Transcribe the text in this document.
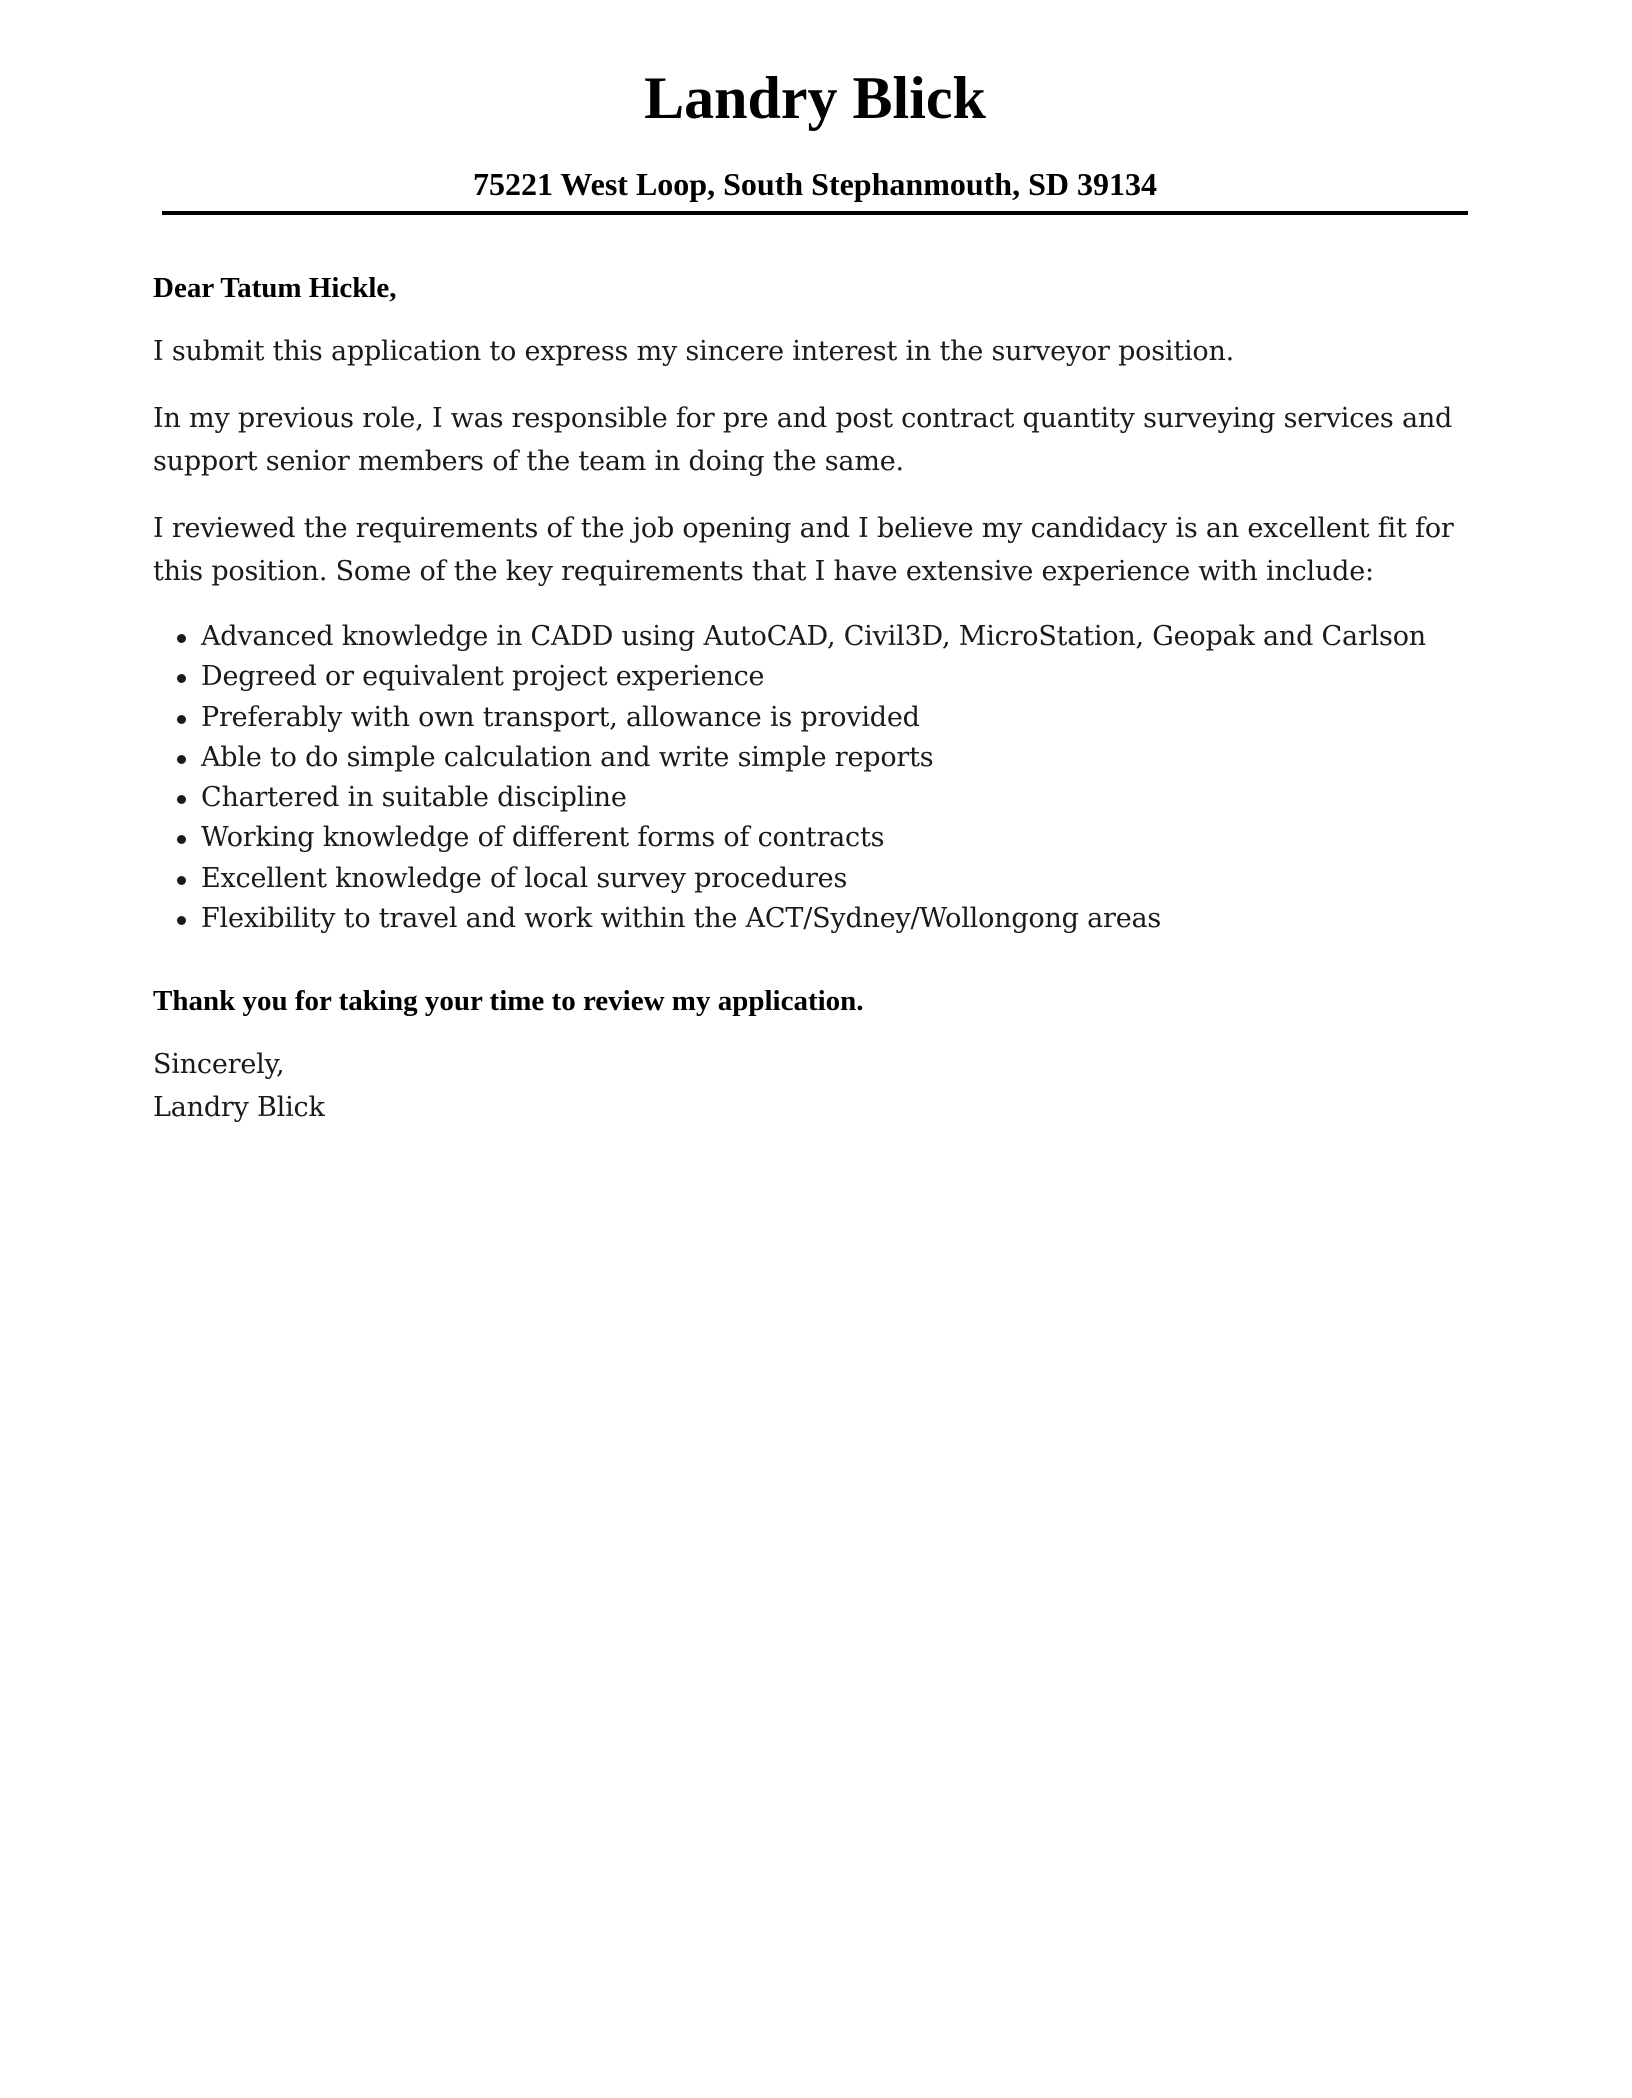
Landry Blick
75221 West Loop, South Stephanmouth, SD 39134

Dear Tatum Hickle,

I submit this application to express my sincere interest in the surveyor position.

In my previous role, I was responsible for pre and post contract quantity surveying services and support senior members of the team in doing the same.

I reviewed the requirements of the job opening and I believe my candidacy is an excellent fit for this position. Some of the key requirements that I have extensive experience with include:

Advanced knowledge in CADD using AutoCAD, Civil3D, MicroStation, Geopak and Carlson
Degreed or equivalent project experience
Preferably with own transport, allowance is provided
Able to do simple calculation and write simple reports
Chartered in suitable discipline
Working knowledge of different forms of contracts
Excellent knowledge of local survey procedures
Flexibility to travel and work within the ACT/Sydney/Wollongong areas

Thank you for taking your time to review my application.

Sincerely,
Landry Blick
